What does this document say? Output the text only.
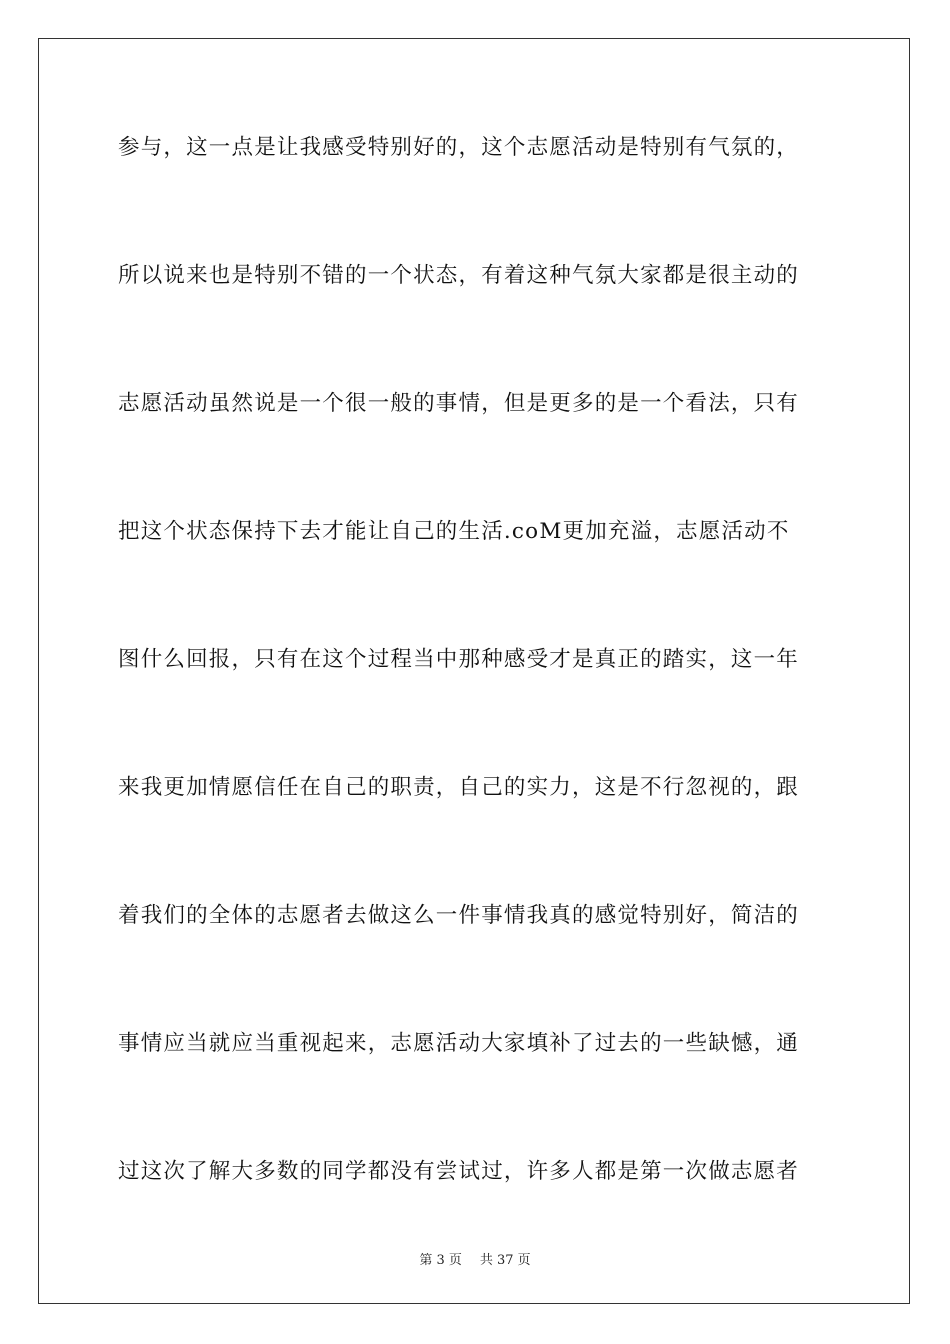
参与，这一点是让我感受特别好的，这个志愿活动是特别有气氛的，
所以说来也是特别不错的一个状态，有着这种气氛大家都是很主动的
志愿活动虽然说是一个很一般的事情，但是更多的是一个看法，只有
把这个状态保持下去才能让自己的生活.coM更加充溢，志愿活动不
图什么回报，只有在这个过程当中那种感受才是真正的踏实，这一年
来我更加情愿信任在自己的职责，自己的实力，这是不行忽视的，跟
着我们的全体的志愿者去做这么一件事情我真的感觉特别好，简洁的
事情应当就应当重视起来，志愿活动大家填补了过去的一些缺憾，通
过这次了解大多数的同学都没有尝试过，许多人都是第一次做志愿者
第 3 页 共 37 页
